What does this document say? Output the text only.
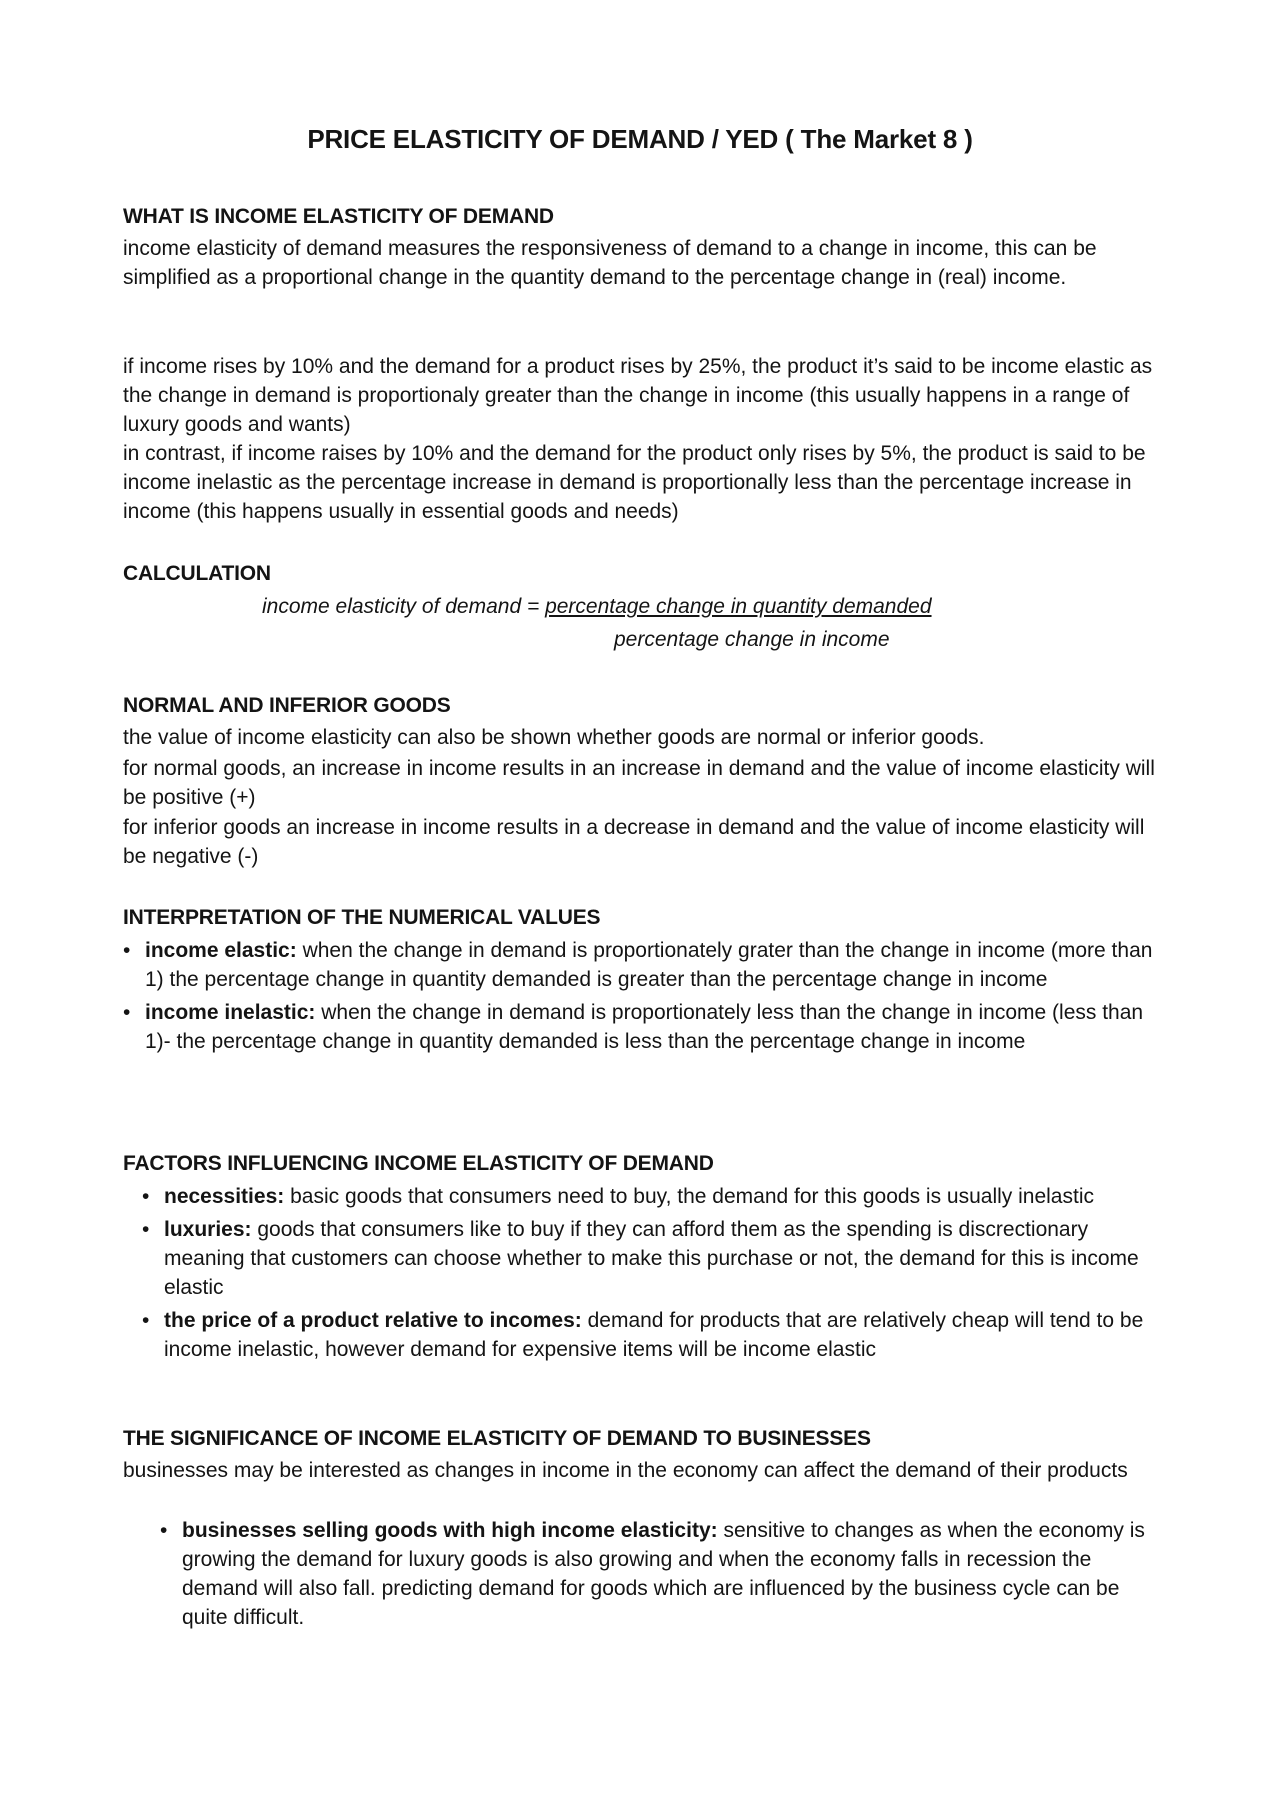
PRICE ELASTICITY OF DEMAND / YED ( The Market 8 )
WHAT IS INCOME ELASTICITY OF DEMAND

income elasticity of demand measures the responsiveness of demand to a change in income, this can be simplified as a proportional change in the quantity demand to the percentage change in (real) income.

if income rises by 10% and the demand for a product rises by 25%, the product it’s said to be income elastic as the change in demand is proportionaly greater than the change in income (this usually happens in a range of luxury goods and wants)

in contrast, if income raises by 10% and the demand for the product only rises by 5%, the product is said to be income inelastic as the percentage increase in demand is proportionally less than the percentage increase in income (this happens usually in essential goods and needs)

CALCULATION

income elasticity of demand = percentage change in quantity demanded

percentage change in income

NORMAL AND INFERIOR GOODS

the value of income elasticity can also be shown whether goods are normal or inferior goods.

for normal goods, an increase in income results in an increase in demand and the value of income elasticity will be positive (+)

for inferior goods an increase in income results in a decrease in demand and the value of income elasticity will be negative (-)

INTERPRETATION OF THE NUMERICAL VALUES
• income elastic: when the change in demand is proportionately grater than the change in income (more than 1) the percentage change in quantity demanded is greater than the percentage change in income
• income inelastic: when the change in demand is proportionately less than the change in income (less than 1)- the percentage change in quantity demanded is less than the percentage change in income
FACTORS INFLUENCING INCOME ELASTICITY OF DEMAND
• necessities: basic goods that consumers need to buy, the demand for this goods is usually inelastic
• luxuries: goods that consumers like to buy if they can afford them as the spending is discrectionary meaning that customers can choose whether to make this purchase or not, the demand for this is income elastic
• the price of a product relative to incomes: demand for products that are relatively cheap will tend to be income inelastic, however demand for expensive items will be income elastic
THE SIGNIFICANCE OF INCOME ELASTICITY OF DEMAND TO BUSINESSES

businesses may be interested as changes in income in the economy can affect the demand of their products

• businesses selling goods with high income elasticity: sensitive to changes as when the economy is growing the demand for luxury goods is also growing and when the economy falls in recession the demand will also fall. predicting demand for goods which are influenced by the business cycle can be quite difficult.
